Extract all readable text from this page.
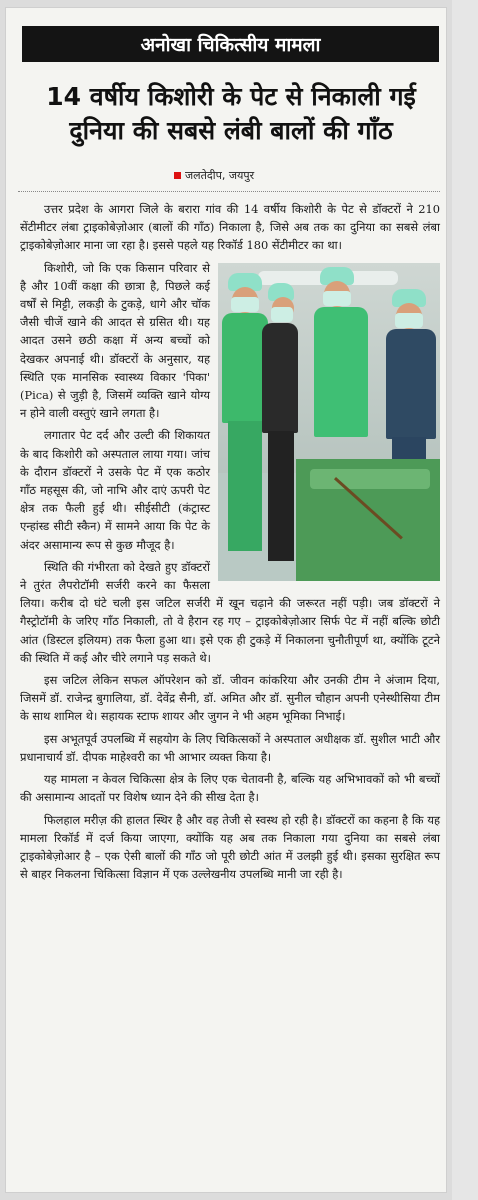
अनोखा चिकित्सीय मामला
14 वर्षीय किशोरी के पेट से निकाली गई
दुनिया की सबसे लंबी बालों की गाँठ
जलतेदीप, जयपुर

उत्तर प्रदेश के आगरा जिले के बरारा गांव की 14 वर्षीय किशोरी के पेट से डॉक्टरों ने 210 सेंटीमीटर लंबा ट्राइकोबेज़ोआर (बालों की गाँठ) निकाला है, जिसे अब तक का दुनिया का सबसे लंबा ट्राइकोबेज़ोआर माना जा रहा है। इससे पहले यह रिकॉर्ड 180 सेंटीमीटर का था।

किशोरी, जो कि एक किसान परिवार से है और 10वीं कक्षा की छात्रा है, पिछले कई वर्षों से मिट्टी, लकड़ी के टुकड़े, धागे और चॉक जैसी चीजें खाने की आदत से ग्रसित थी। यह आदत उसने छठी कक्षा में अन्य बच्चों को देखकर अपनाई थी। डॉक्टरों के अनुसार, यह स्थिति एक मानसिक स्वास्थ्य विकार 'पिका' (Pica) से जुड़ी है, जिसमें व्यक्ति खाने योग्य न होने वाली वस्तुएं खाने लगता है।

लगातार पेट दर्द और उल्टी की शिकायत के बाद किशोरी को अस्पताल लाया गया। जांच के दौरान डॉक्टरों ने उसके पेट में एक कठोर गाँठ महसूस की, जो नाभि और दाएं ऊपरी पेट क्षेत्र तक फैली हुई थी। सीईसीटी (कंट्रास्ट एन्हांस्ड सीटी स्कैन) में सामने आया कि पेट के अंदर असामान्य रूप से कुछ मौजूद है।

स्थिति की गंभीरता को देखते हुए डॉक्टरों ने तुरंत लैपरोटॉमी सर्जरी करने का फैसला लिया। करीब दो घंटे चली इस जटिल सर्जरी में खून चढ़ाने की जरूरत नहीं पड़ी। जब डॉक्टरों ने गैस्ट्रोटॉमी के जरिए गाँठ निकाली, तो वे हैरान रह गए – ट्राइकोबेज़ोआर सिर्फ पेट में नहीं बल्कि छोटी आंत (डिस्टल इलियम) तक फैला हुआ था। इसे एक ही टुकड़े में निकालना चुनौतीपूर्ण था, क्योंकि टूटने की स्थिति में कई और चीरे लगाने पड़ सकते थे।

इस जटिल लेकिन सफल ऑपरेशन को डॉ. जीवन कांकरिया और उनकी टीम ने अंजाम दिया, जिसमें डॉ. राजेन्द्र बुगालिया, डॉ. देवेंद्र सैनी, डॉ. अमित और डॉ. सुनील चौहान अपनी एनेस्थीसिया टीम के साथ शामिल थे। सहायक स्टाफ शायर और जुगन ने भी अहम भूमिका निभाई।

इस अभूतपूर्व उपलब्धि में सहयोग के लिए चिकित्सकों ने अस्पताल अधीक्षक डॉ. सुशील भाटी और प्रधानाचार्य डॉ. दीपक माहेश्वरी का भी आभार व्यक्त किया है।

यह मामला न केवल चिकित्सा क्षेत्र के लिए एक चेतावनी है, बल्कि यह अभिभावकों को भी बच्चों की असामान्य आदतों पर विशेष ध्यान देने की सीख देता है।

फिलहाल मरीज़ की हालत स्थिर है और वह तेजी से स्वस्थ हो रही है। डॉक्टरों का कहना है कि यह मामला रिकॉर्ड में दर्ज किया जाएगा, क्योंकि यह अब तक निकाला गया दुनिया का सबसे लंबा ट्राइकोबेज़ोआर है – एक ऐसी बालों की गाँठ जो पूरी छोटी आंत में उलझी हुई थी। इसका सुरक्षित रूप से बाहर निकलना चिकित्सा विज्ञान में एक उल्लेखनीय उपलब्धि मानी जा रही है।
